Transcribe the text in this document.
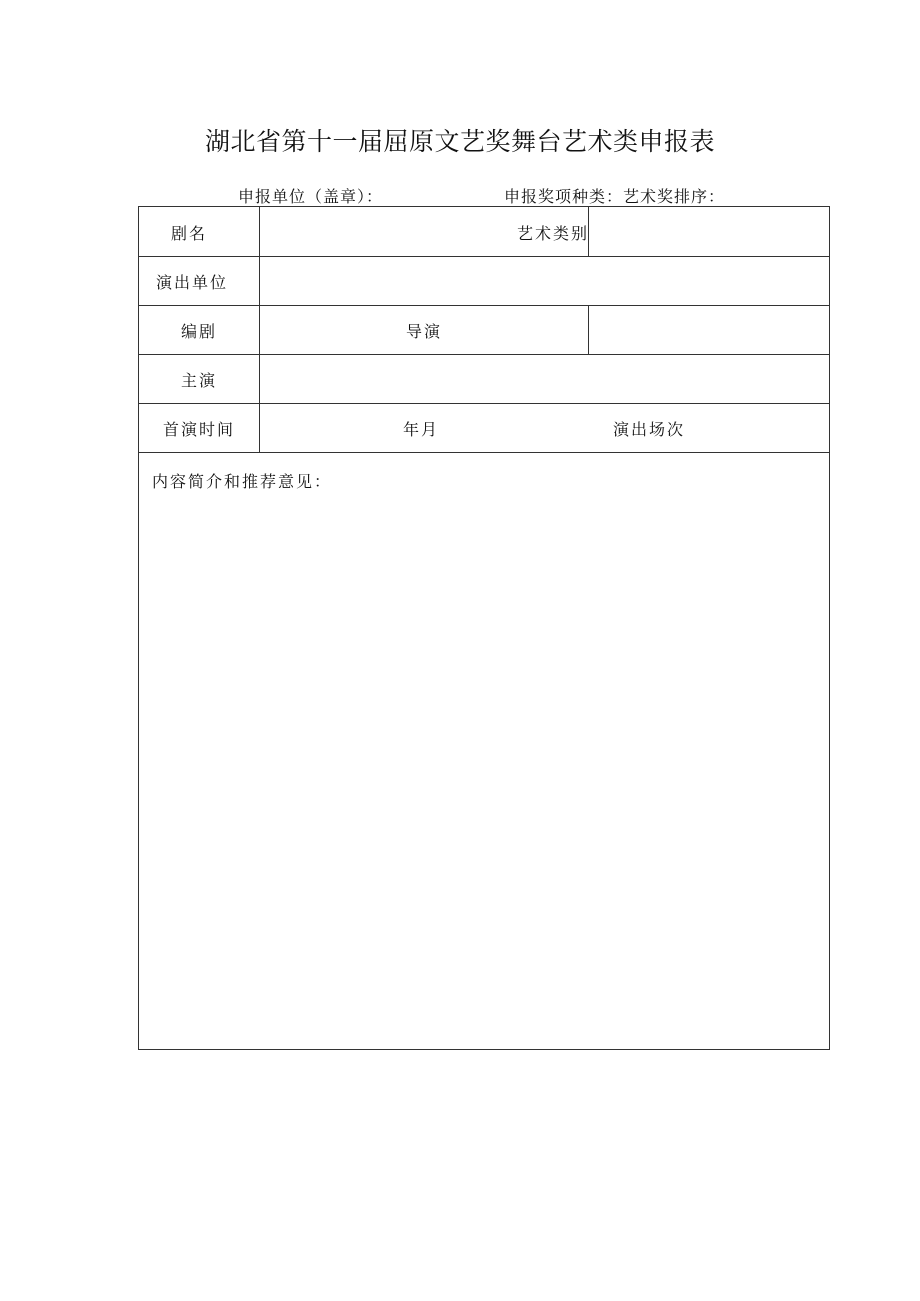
湖北省第十一届屈原文艺奖舞台艺术类申报表
申报单位（盖章）：	申报奖项种类：艺术奖排序：
剧名	艺术类别
演出单位
编剧	导演
主演
首演时间	年月	演出场次
内容简介和推荐意见：
